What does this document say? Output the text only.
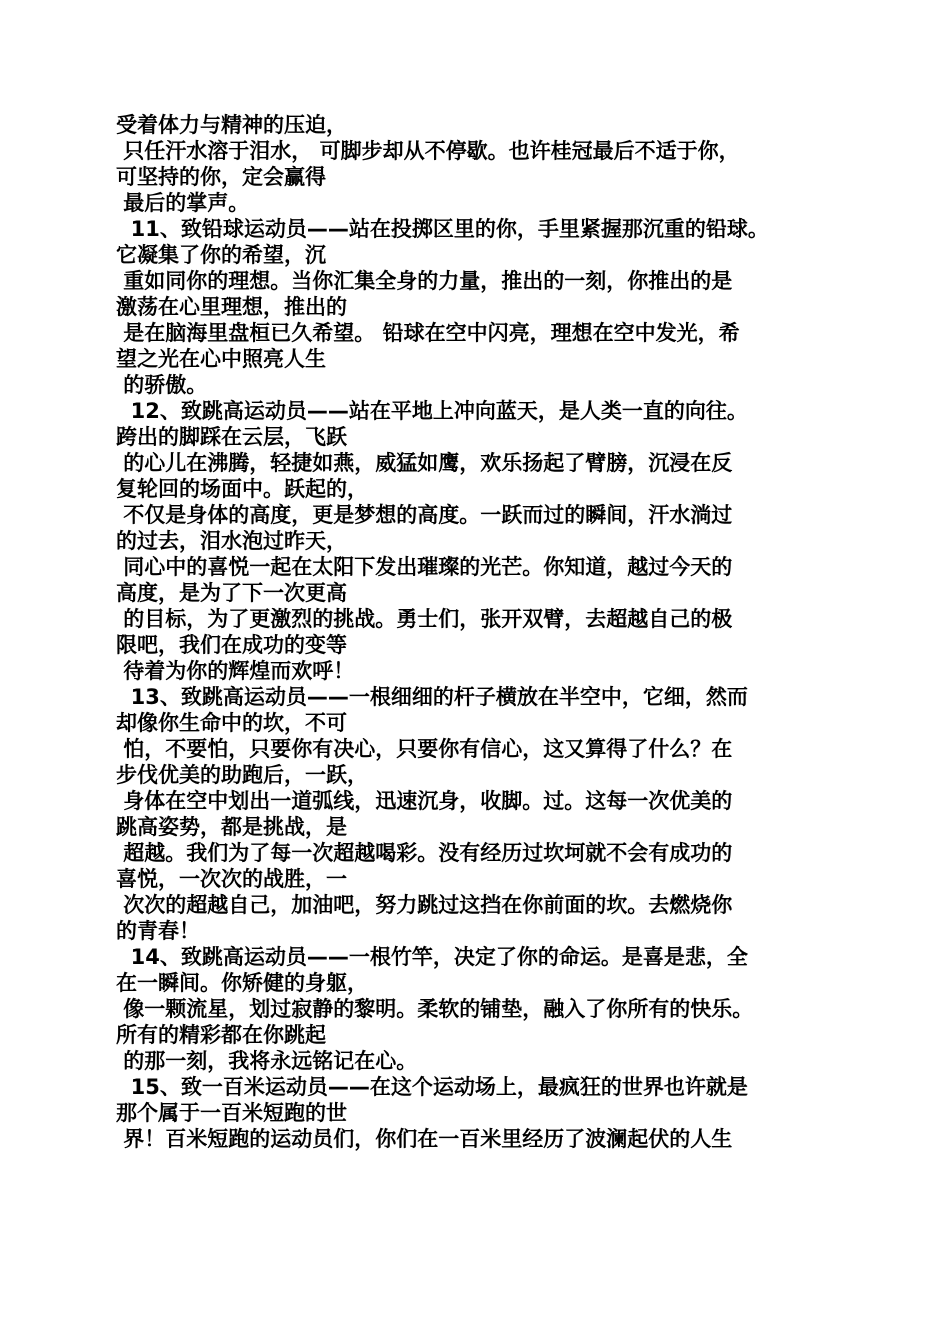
受着体力与精神的压迫，
只任汗水溶于泪水， 可脚步却从不停歇。也许桂冠最后不适于你，
可坚持的你，定会赢得
最后的掌声。
11、致铅球运动员——站在投掷区里的你，手里紧握那沉重的铅球。
它凝集了你的希望，沉
重如同你的理想。当你汇集全身的力量，推出的一刻，你推出的是
激荡在心里理想，推出的
是在脑海里盘桓已久希望。 铅球在空中闪亮，理想在空中发光，希
望之光在心中照亮人生
的骄傲。
12、致跳高运动员——站在平地上冲向蓝天，是人类一直的向往。
跨出的脚踩在云层，飞跃
的心儿在沸腾，轻捷如燕，威猛如鹰，欢乐扬起了臂膀，沉浸在反
复轮回的场面中。跃起的，
不仅是身体的高度，更是梦想的高度。一跃而过的瞬间，汗水淌过
的过去，泪水泡过昨天，
同心中的喜悦一起在太阳下发出璀璨的光芒。你知道，越过今天的
高度，是为了下一次更高
的目标，为了更激烈的挑战。勇士们，张开双臂，去超越自己的极
限吧，我们在成功的变等
待着为你的辉煌而欢呼！
13、致跳高运动员——一根细细的杆子横放在半空中，它细，然而
却像你生命中的坎，不可
怕，不要怕，只要你有决心，只要你有信心，这又算得了什么？在
步伐优美的助跑后，一跃，
身体在空中划出一道弧线，迅速沉身，收脚。过。这每一次优美的
跳高姿势，都是挑战，是
超越。我们为了每一次超越喝彩。没有经历过坎坷就不会有成功的
喜悦，一次次的战胜，一
次次的超越自己，加油吧，努力跳过这挡在你前面的坎。去燃烧你
的青春！
14、致跳高运动员——一根竹竿，决定了你的命运。是喜是悲，全
在一瞬间。你矫健的身躯，
像一颗流星，划过寂静的黎明。柔软的铺垫，融入了你所有的快乐。
所有的精彩都在你跳起
的那一刻，我将永远铭记在心。
15、致一百米运动员——在这个运动场上，最疯狂的世界也许就是
那个属于一百米短跑的世
界！百米短跑的运动员们，你们在一百米里经历了波澜起伏的人生
